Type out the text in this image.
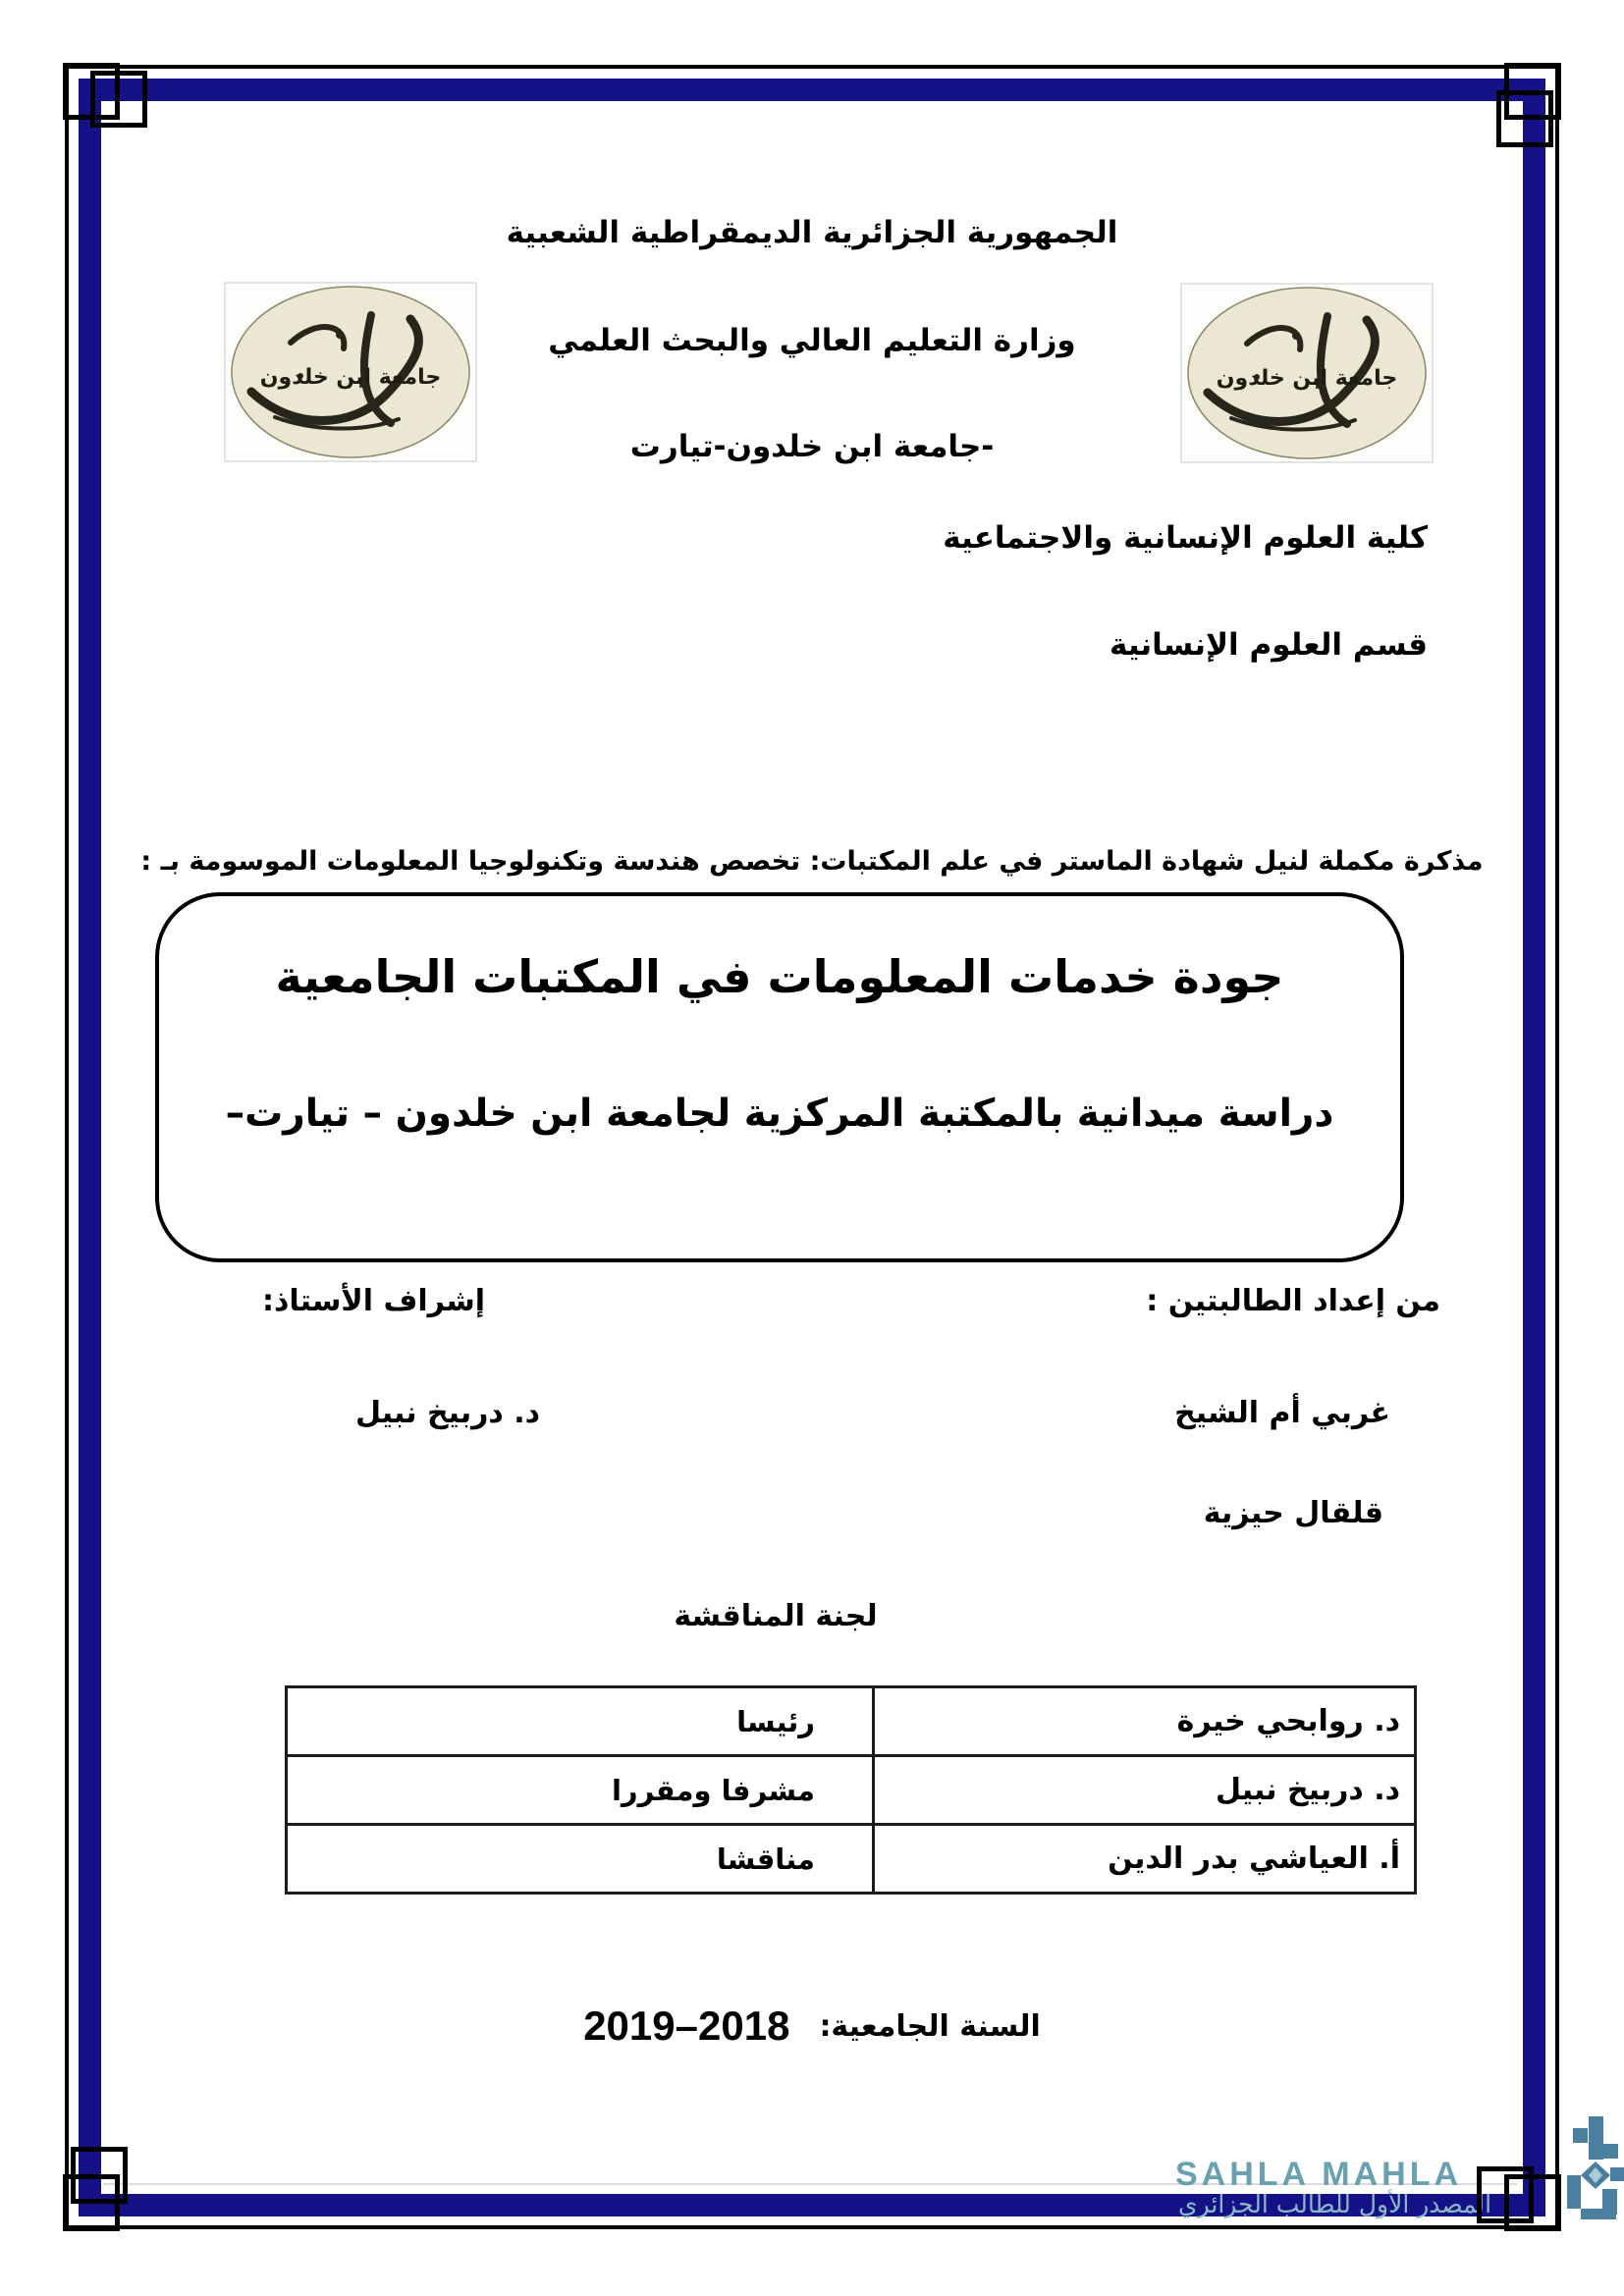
الجمهورية الجزائرية الديمقراطية الشعبية
وزارة التعليم العالي والبحث العلمي
جامعة ابن خلدون-تيارت-
جامعة ابن خلدون	جامعة ابن خلدون
كلية العلوم الإنسانية والاجتماعية
قسم العلوم الإنسانية
مذكرة مكملة لنيل شهادة الماستر في علم المكتبات: تخصص هندسة وتكنولوجيا المعلومات الموسومة بـ :
جودة خدمات المعلومات في المكتبات الجامعية
دراسة ميدانية بالمكتبة المركزية لجامعة ابن خلدون – تيارت–
من إعداد الطالبتين :
إشراف الأستاذ:
غربي أم الشيخ
د. دربيخ نبيل
قلقال حيزية
لجنة المناقشة
د. روابحي خيرة	رئيسا
د. دربيخ نبيل	مشرفا ومقررا
أ. العياشي بدر الدين	مناقشا
السنة الجامعية:2018–2019
SAHLA MAHLA
المصدر الأول للطالب الجزائري
